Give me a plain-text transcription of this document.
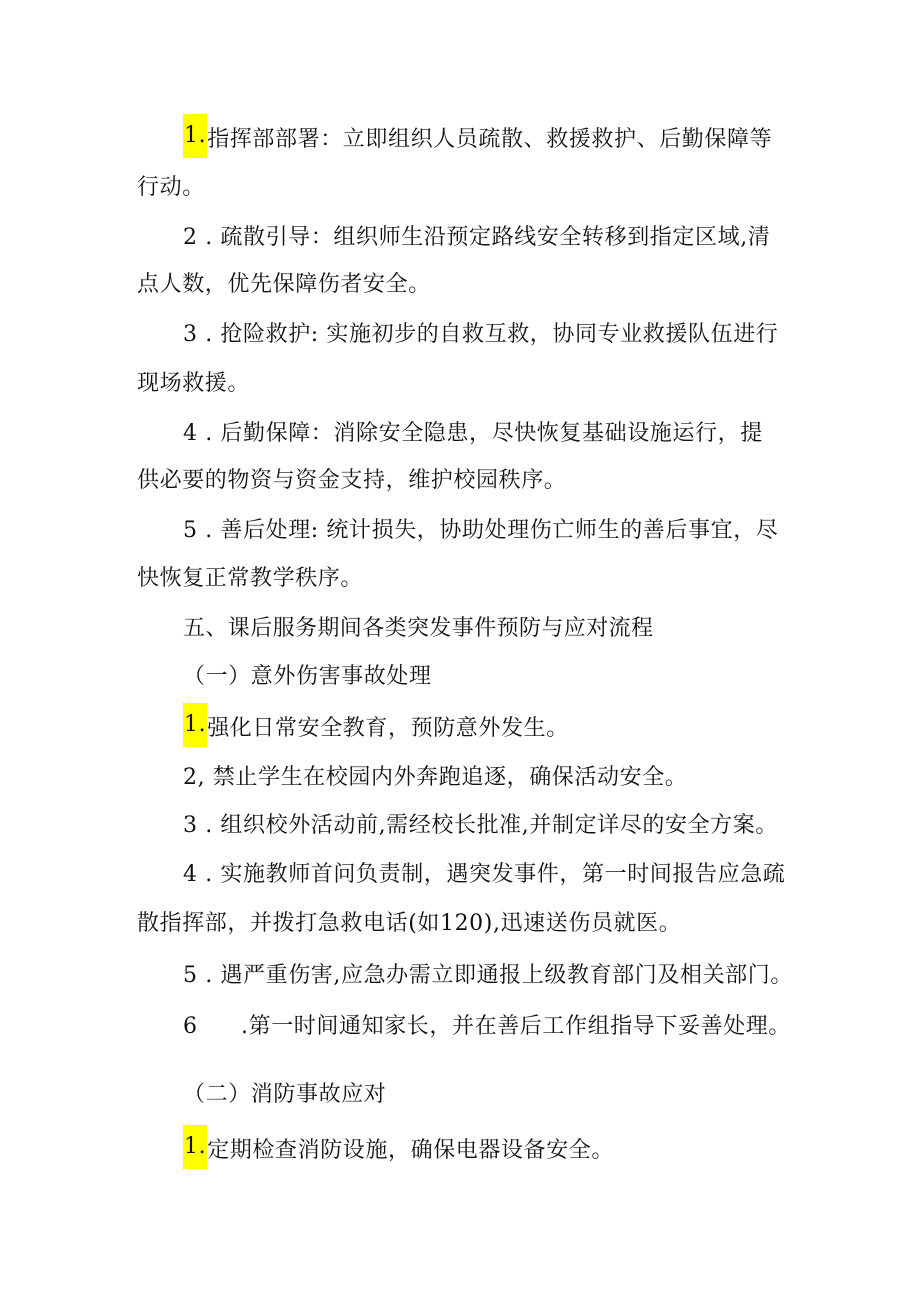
1.指挥部部署：立即组织人员疏散、救援救护、后勤保障等
行动。
2 . 疏散引导：组织师生沿预定路线安全转移到指定区域,清
点人数，优先保障伤者安全。
3 . 抢险救护: 实施初步的自救互救，协同专业救援队伍进行
现场救援。
4 . 后勤保障：消除安全隐患，尽快恢复基础设施运行，提
供必要的物资与资金支持，维护校园秩序。
5 . 善后处理: 统计损失，协助处理伤亡师生的善后事宜，尽
快恢复正常教学秩序。
五、课后服务期间各类突发事件预防与应对流程
（一）意外伤害事故处理
1.强化日常安全教育，预防意外发生。
2, 禁止学生在校园内外奔跑追逐，确保活动安全。
3 . 组织校外活动前,需经校长批准,并制定详尽的安全方案。
4 . 实施教师首问负责制，遇突发事件，第一时间报告应急疏
散指挥部，并拨打急救电话(如120),迅速送伤员就医。
5 . 遇严重伤害,应急办需立即通报上级教育部门及相关部门。
6 .第一时间通知家长，并在善后工作组指导下妥善处理。
（二）消防事故应对
1.定期检查消防设施，确保电器设备安全。
